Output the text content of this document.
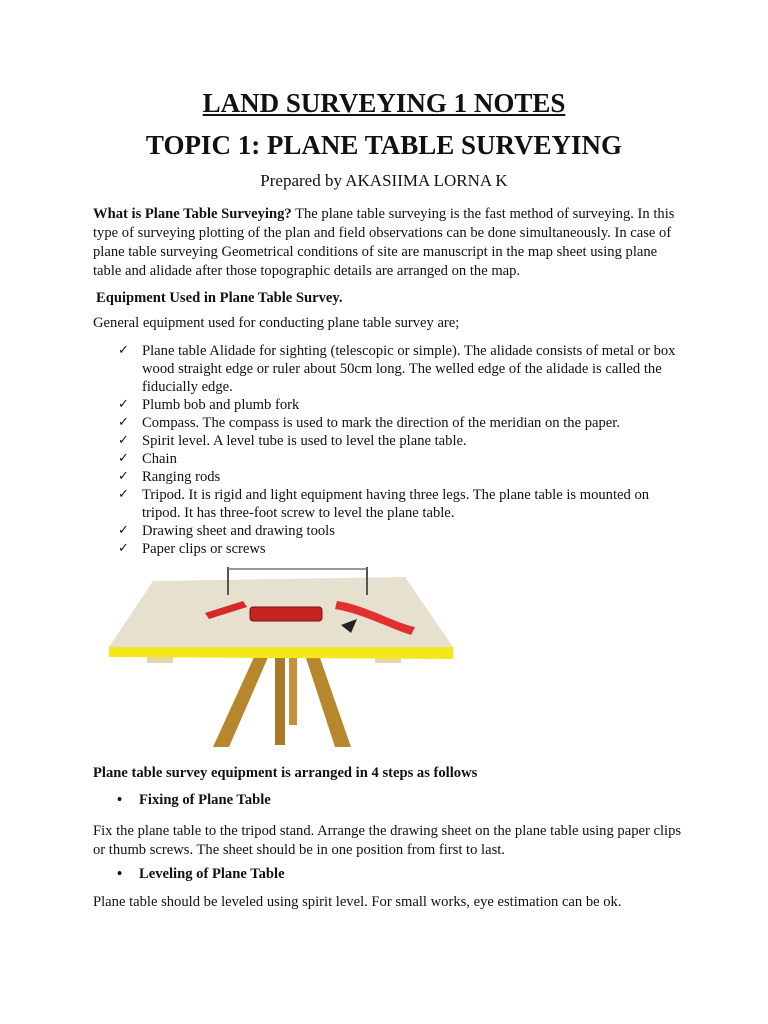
LAND SURVEYING 1 NOTES
TOPIC 1: PLANE TABLE SURVEYING
Prepared by AKASIIMA LORNA K

What is Plane Table Surveying? The plane table surveying is the fast method of surveying. In this type of surveying plotting of the plan and field observations can be done simultaneously. In case of plane table surveying Geometrical conditions of site are manuscript in the map sheet using plane table and alidade after those topographic details are arranged on the map.

Equipment Used in Plane Table Survey.

General equipment used for conducting plane table survey are;

✓ Plane table Alidade for sighting (telescopic or simple). The alidade consists of metal or box wood straight edge or ruler about 50cm long. The welled edge of the alidade is called the fiducially edge.
✓ Plumb bob and plumb fork
✓ Compass. The compass is used to mark the direction of the meridian on the paper.
✓ Spirit level. A level tube is used to level the plane table.
✓ Chain
✓ Ranging rods
✓ Tripod. It is rigid and light equipment having three legs. The plane table is mounted on tripod. It has three-foot screw to level the plane table.
✓ Drawing sheet and drawing tools
✓ Paper clips or screws
Plane table survey equipment is arranged in 4 steps as follows
• Fixing of Plane Table

Fix the plane table to the tripod stand. Arrange the drawing sheet on the plane table using paper clips or thumb screws. The sheet should be in one position from first to last.

• Leveling of Plane Table

Plane table should be leveled using spirit level. For small works, eye estimation can be ok.
